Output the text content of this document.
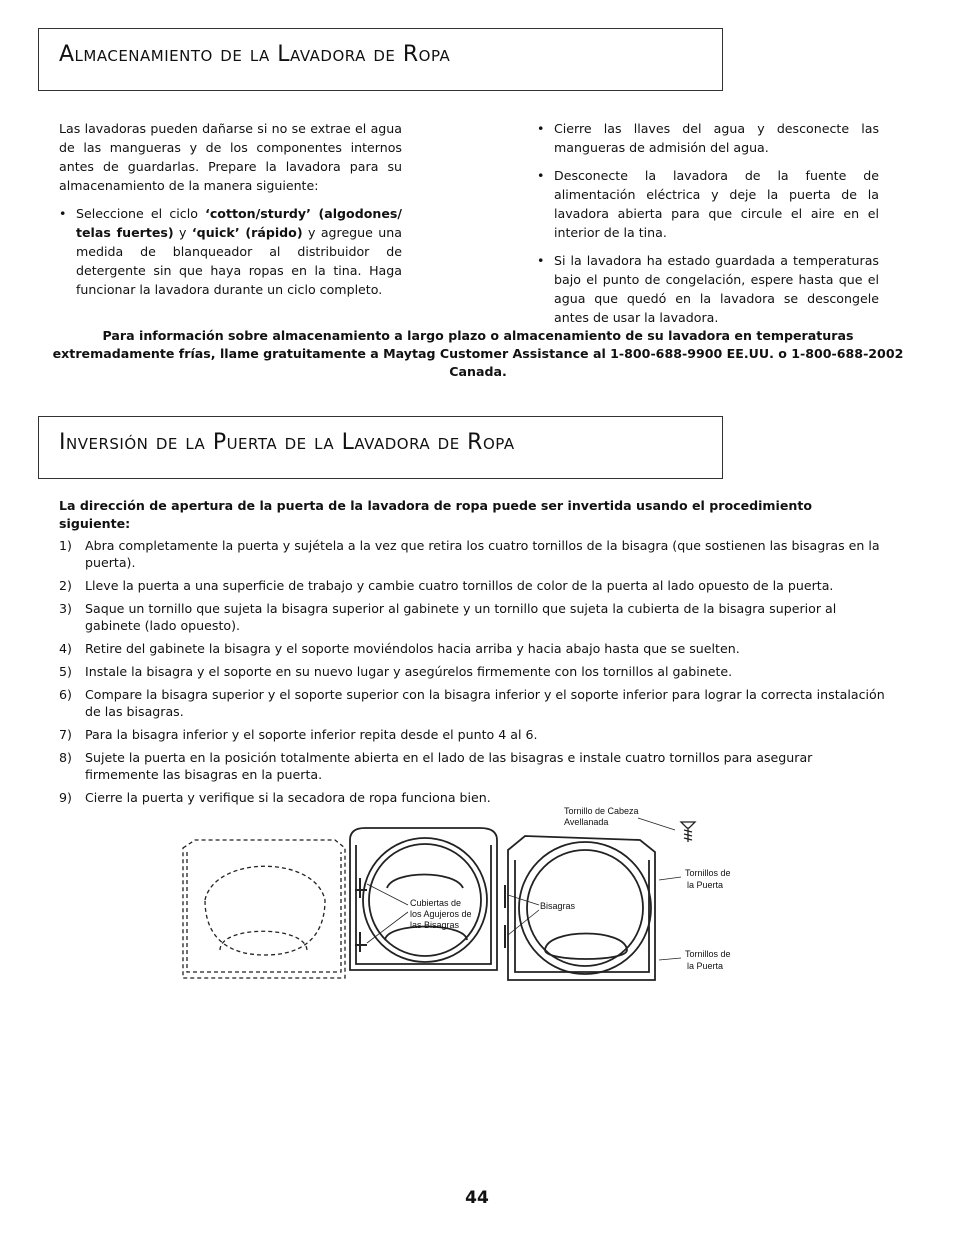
Almacenamiento de la Lavadora de Ropa

Las lavadoras pueden dañarse si no se extrae el agua de las mangueras y de los componentes internos antes de guardarlas. Prepare la lavadora para su almacenamiento de la manera siguiente:

• Seleccione el ciclo ‘cotton/sturdy’ (algodones/ telas fuertes) y ‘quick’ (rápido) y agregue una medida de blanqueador al distribuidor de detergente sin que haya ropas en la tina. Haga funcionar la lavadora durante un ciclo completo.
• Cierre las llaves del agua y desconecte las mangueras de admisión del agua.
• Desconecte la lavadora de la fuente de alimentación eléctrica y deje la puerta de la lavadora abierta para que circule el aire en el interior de la tina.
• Si la lavadora ha estado guardada a temperaturas bajo el punto de congelación, espere hasta que el agua que quedó en la lavadora se descongele antes de usar la lavadora.
Para información sobre almacenamiento a largo plazo o almacenamiento de su lavadora en temperaturas extremadamente frías, llame gratuitamente a Maytag Customer Assistance al 1-800-688-9900 EE.UU. o 1-800-688-2002 Canada.
Inversión de la Puerta de la Lavadora de Ropa
La dirección de apertura de la puerta de la lavadora de ropa puede ser invertida usando el procedimiento siguiente:
1) Abra completamente la puerta y sujétela a la vez que retira los cuatro tornillos de la bisagra (que sostienen las bisagras en la puerta).
2) Lleve la puerta a una superficie de trabajo y cambie cuatro tornillos de color de la puerta al lado opuesto de la puerta.
3) Saque un tornillo que sujeta la bisagra superior al gabinete y un tornillo que sujeta la cubierta de la bisagra superior al gabinete (lado opuesto).
4) Retire del gabinete la bisagra y el soporte moviéndolos hacia arriba y hacia abajo hasta que se suelten.
5) Instale la bisagra y el soporte en su nuevo lugar y asegúrelos firmemente con los tornillos al gabinete.
6) Compare la bisagra superior y el soporte superior con la bisagra inferior y el soporte inferior para lograr la correcta instalación de las bisagras.
7) Para la bisagra inferior y el soporte inferior repita desde el punto 4 al 6.
8) Sujete la puerta en la posición totalmente abierta en el lado de las bisagras e instale cuatro tornillos para asegurar firmemente las bisagras en la puerta.
9) Cierre la puerta y verifique si la secadora de ropa funciona bien.
Tornillo de Cabeza
Avellanada
Cubiertas de
los Agujeros de
las Bisagras
Bisagras
Tornillos de
la Puerta
Tornillos de
la Puerta
44
